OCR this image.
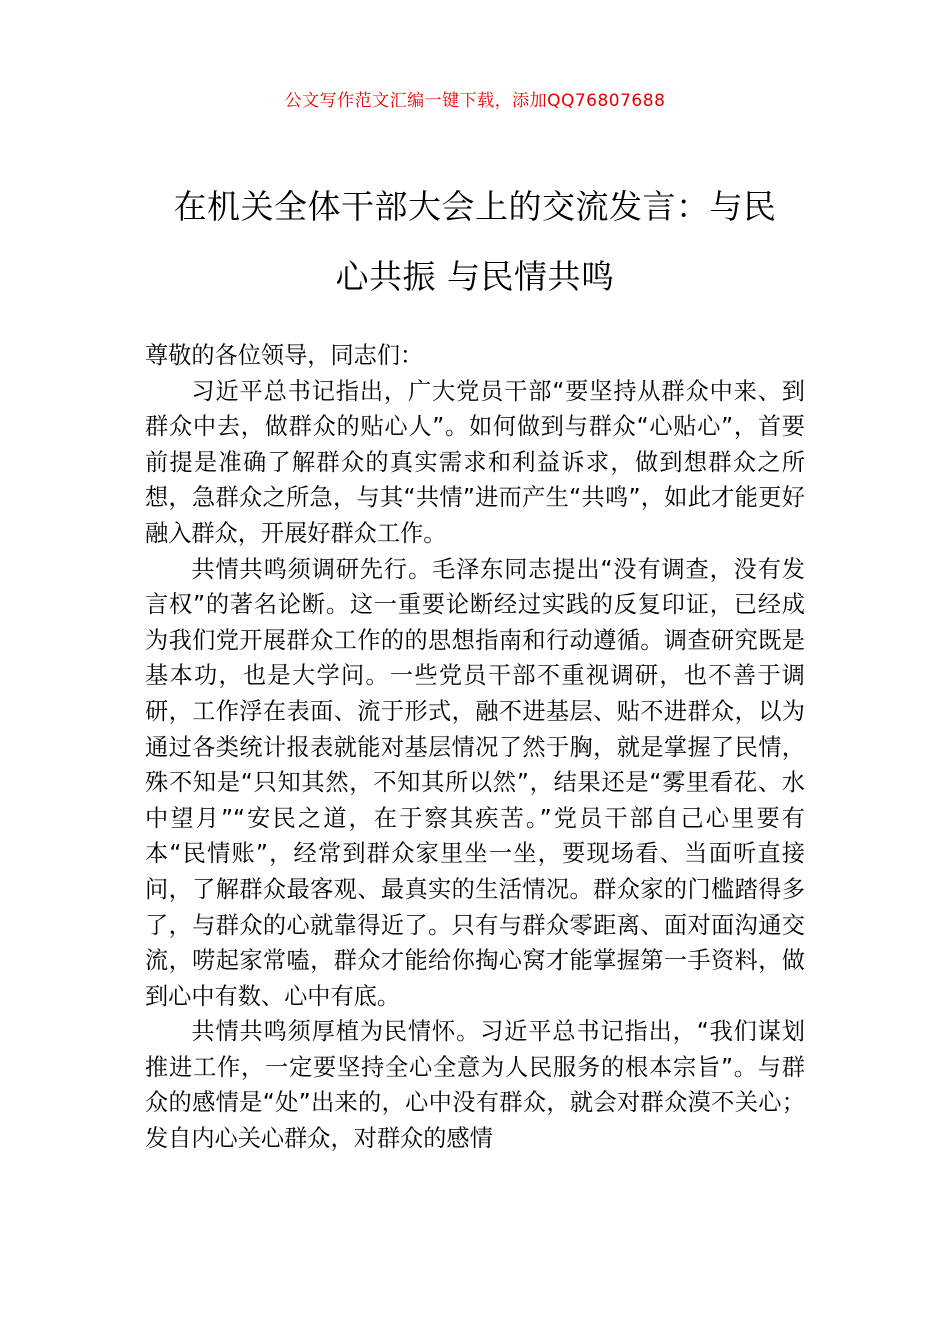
公文写作范文汇编一键下载，添加QQ76807688
在机关全体干部大会上的交流发言：与民
心共振 与民情共鸣

尊敬的各位领导，同志们：

习近平总书记指出，广大党员干部“要坚持从群众中来、到群众中去，做群众的贴心人”。如何做到与群众“心贴心”，首要前提是准确了解群众的真实需求和利益诉求，做到想群众之所想，急群众之所急，与其“共情”进而产生“共鸣”，如此才能更好融入群众，开展好群众工作。

共情共鸣须调研先行。毛泽东同志提出“没有调查，没有发言权”的著名论断。这一重要论断经过实践的反复印证，已经成为我们党开展群众工作的的思想指南和行动遵循。调查研究既是基本功，也是大学问。一些党员干部不重视调研，也不善于调研，工作浮在表面、流于形式，融不进基层、贴不进群众，以为通过各类统计报表就能对基层情况了然于胸，就是掌握了民情，殊不知是“只知其然，不知其所以然”，结果还是“雾里看花、水中望月”“安民之道，在于察其疾苦。”党员干部自己心里要有本“民情账”，经常到群众家里坐一坐，要现场看、当面听直接问，了解群众最客观、最真实的生活情况。群众家的门槛踏得多了，与群众的心就靠得近了。只有与群众零距离、面对面沟通交流，唠起家常嗑，群众才能给你掏心窝才能掌握第一手资料，做到心中有数、心中有底。

共情共鸣须厚植为民情怀。习近平总书记指出，“我们谋划推进工作，一定要坚持全心全意为人民服务的根本宗旨”。与群众的感情是“处”出来的，心中没有群众，就会对群众漠不关心；发自内心关心群众，对群众的感情
